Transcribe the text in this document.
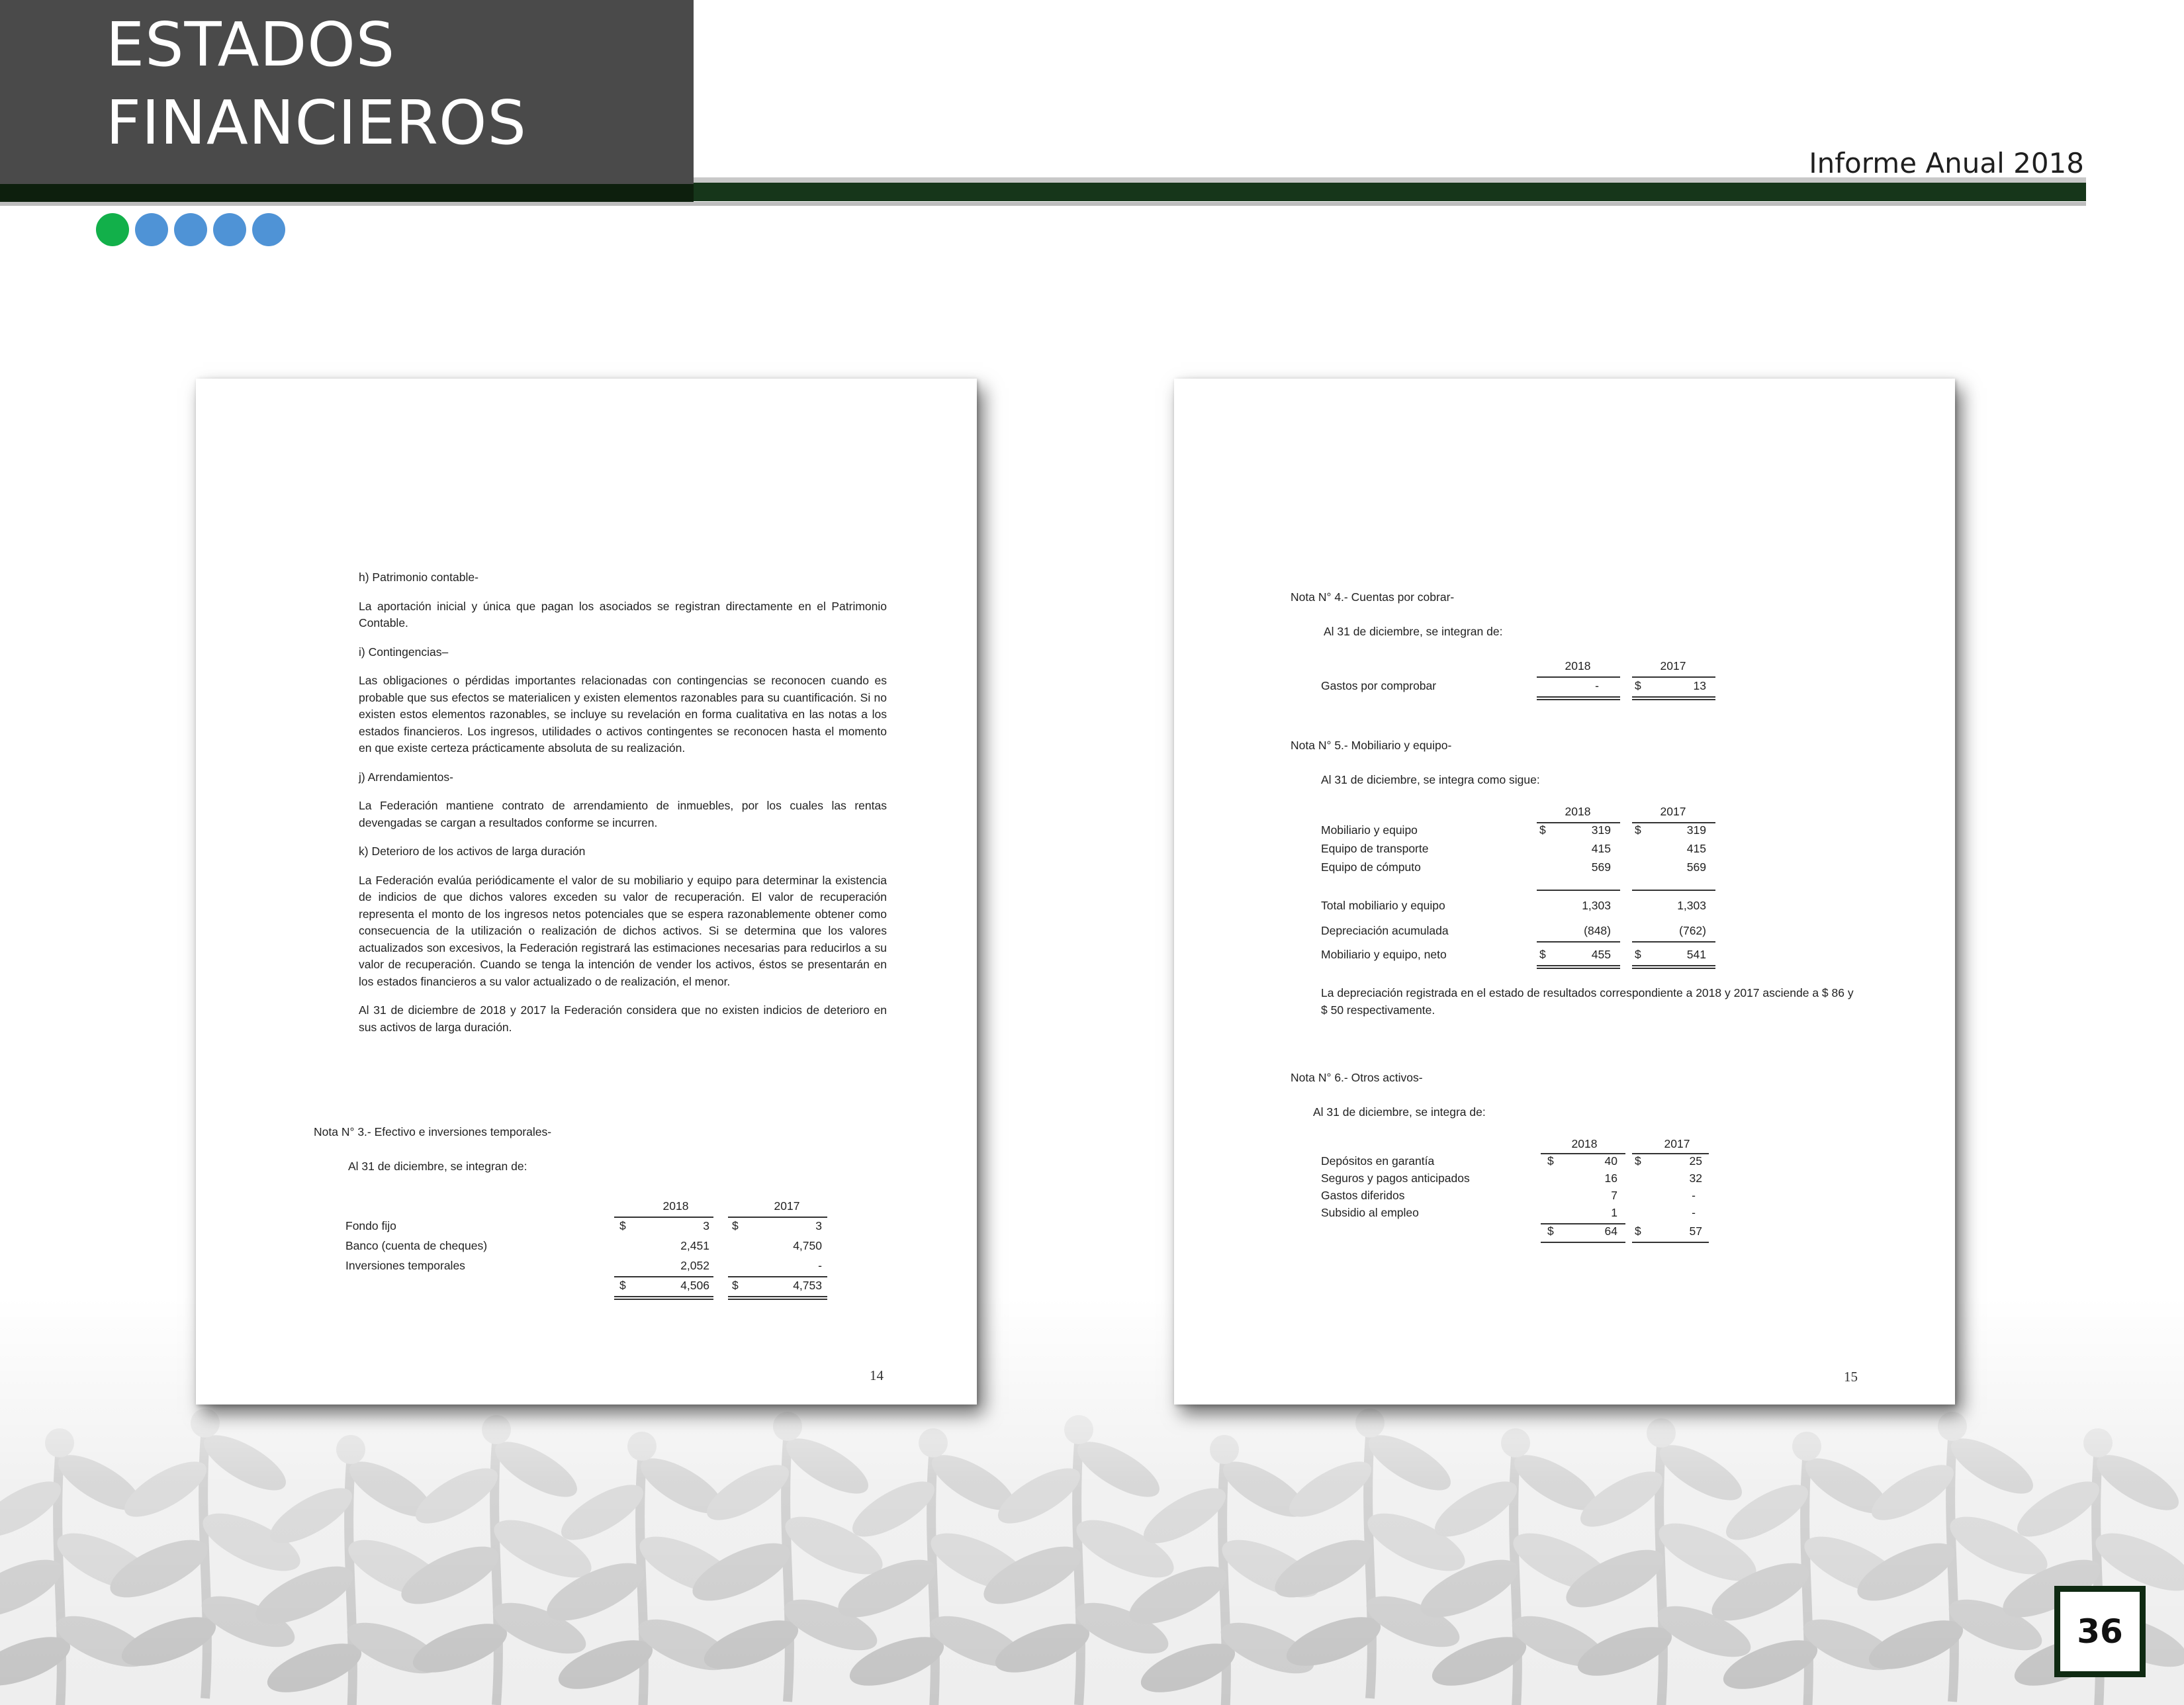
ESTADOS
FINANCIEROS
Informe Anual 2018
h) Patrimonio contable-

La aportación inicial y única que pagan los asociados se registran directamente en el Patrimonio Contable.

i) Contingencias–

Las obligaciones o pérdidas importantes relacionadas con contingencias se reconocen cuando es probable que sus efectos se materialicen y existen elementos razonables para su cuantificación. Si no existen estos elementos razonables, se incluye su revelación en forma cualitativa en las notas a los estados financieros. Los ingresos, utilidades o activos contingentes se reconocen hasta el momento en que existe certeza prácticamente absoluta de su realización.

j) Arrendamientos-

La Federación mantiene contrato de arrendamiento de inmuebles, por los cuales las rentas devengadas se cargan a resultados conforme se incurren.

k) Deterioro de los activos de larga duración

La Federación evalúa periódicamente el valor de su mobiliario y equipo para determinar la existencia de indicios de que dichos valores exceden su valor de recuperación. El valor de recuperación representa el monto de los ingresos netos potenciales que se espera razonablemente obtener como consecuencia de la utilización o realización de dichos activos. Si se determina que los valores actualizados son excesivos, la Federación registrará las estimaciones necesarias para reducirlos a su valor de recuperación. Cuando se tenga la intención de vender los activos, éstos se presentarán en los estados financieros a su valor actualizado o de realización, el menor.

Al 31 de diciembre de 2018 y 2017 la Federación considera que no existen indicios de deterioro en sus activos de larga duración.

Nota N° 3.- Efectivo e inversiones temporales-
Al 31 de diciembre, se integran de:
2018	2017
Fondo fijo	$	3 $	3
Banco (cuenta de cheques)	2,451	4,750
Inversiones temporales	2,052	-
$	4,506 $	4,753
14
Nota N° 4.- Cuentas por cobrar-
Al 31 de diciembre, se integran de:
2018	2017
Gastos por comprobar	-	$	13
Nota N° 5.- Mobiliario y equipo-
Al 31 de diciembre, se integra como sigue:
2018	2017
Mobiliario y equipo	$	319 $	319
Equipo de transporte	415	415
Equipo de cómputo	569	569
Total mobiliario y equipo	1,303	1,303
Depreciación acumulada	(848)	(762)
Mobiliario y equipo, neto	$	455 $	541

La depreciación registrada en el estado de resultados correspondiente a 2018 y 2017 asciende a $ 86 y $ 50 respectivamente.

Nota N° 6.- Otros activos-
Al 31 de diciembre, se integra de:
2018	2017
Depósitos en garantía	$	40 $	25
Seguros y pagos anticipados	16	32
Gastos diferidos	7	-
Subsidio al empleo	1	-
$	64 $	57
15
36
